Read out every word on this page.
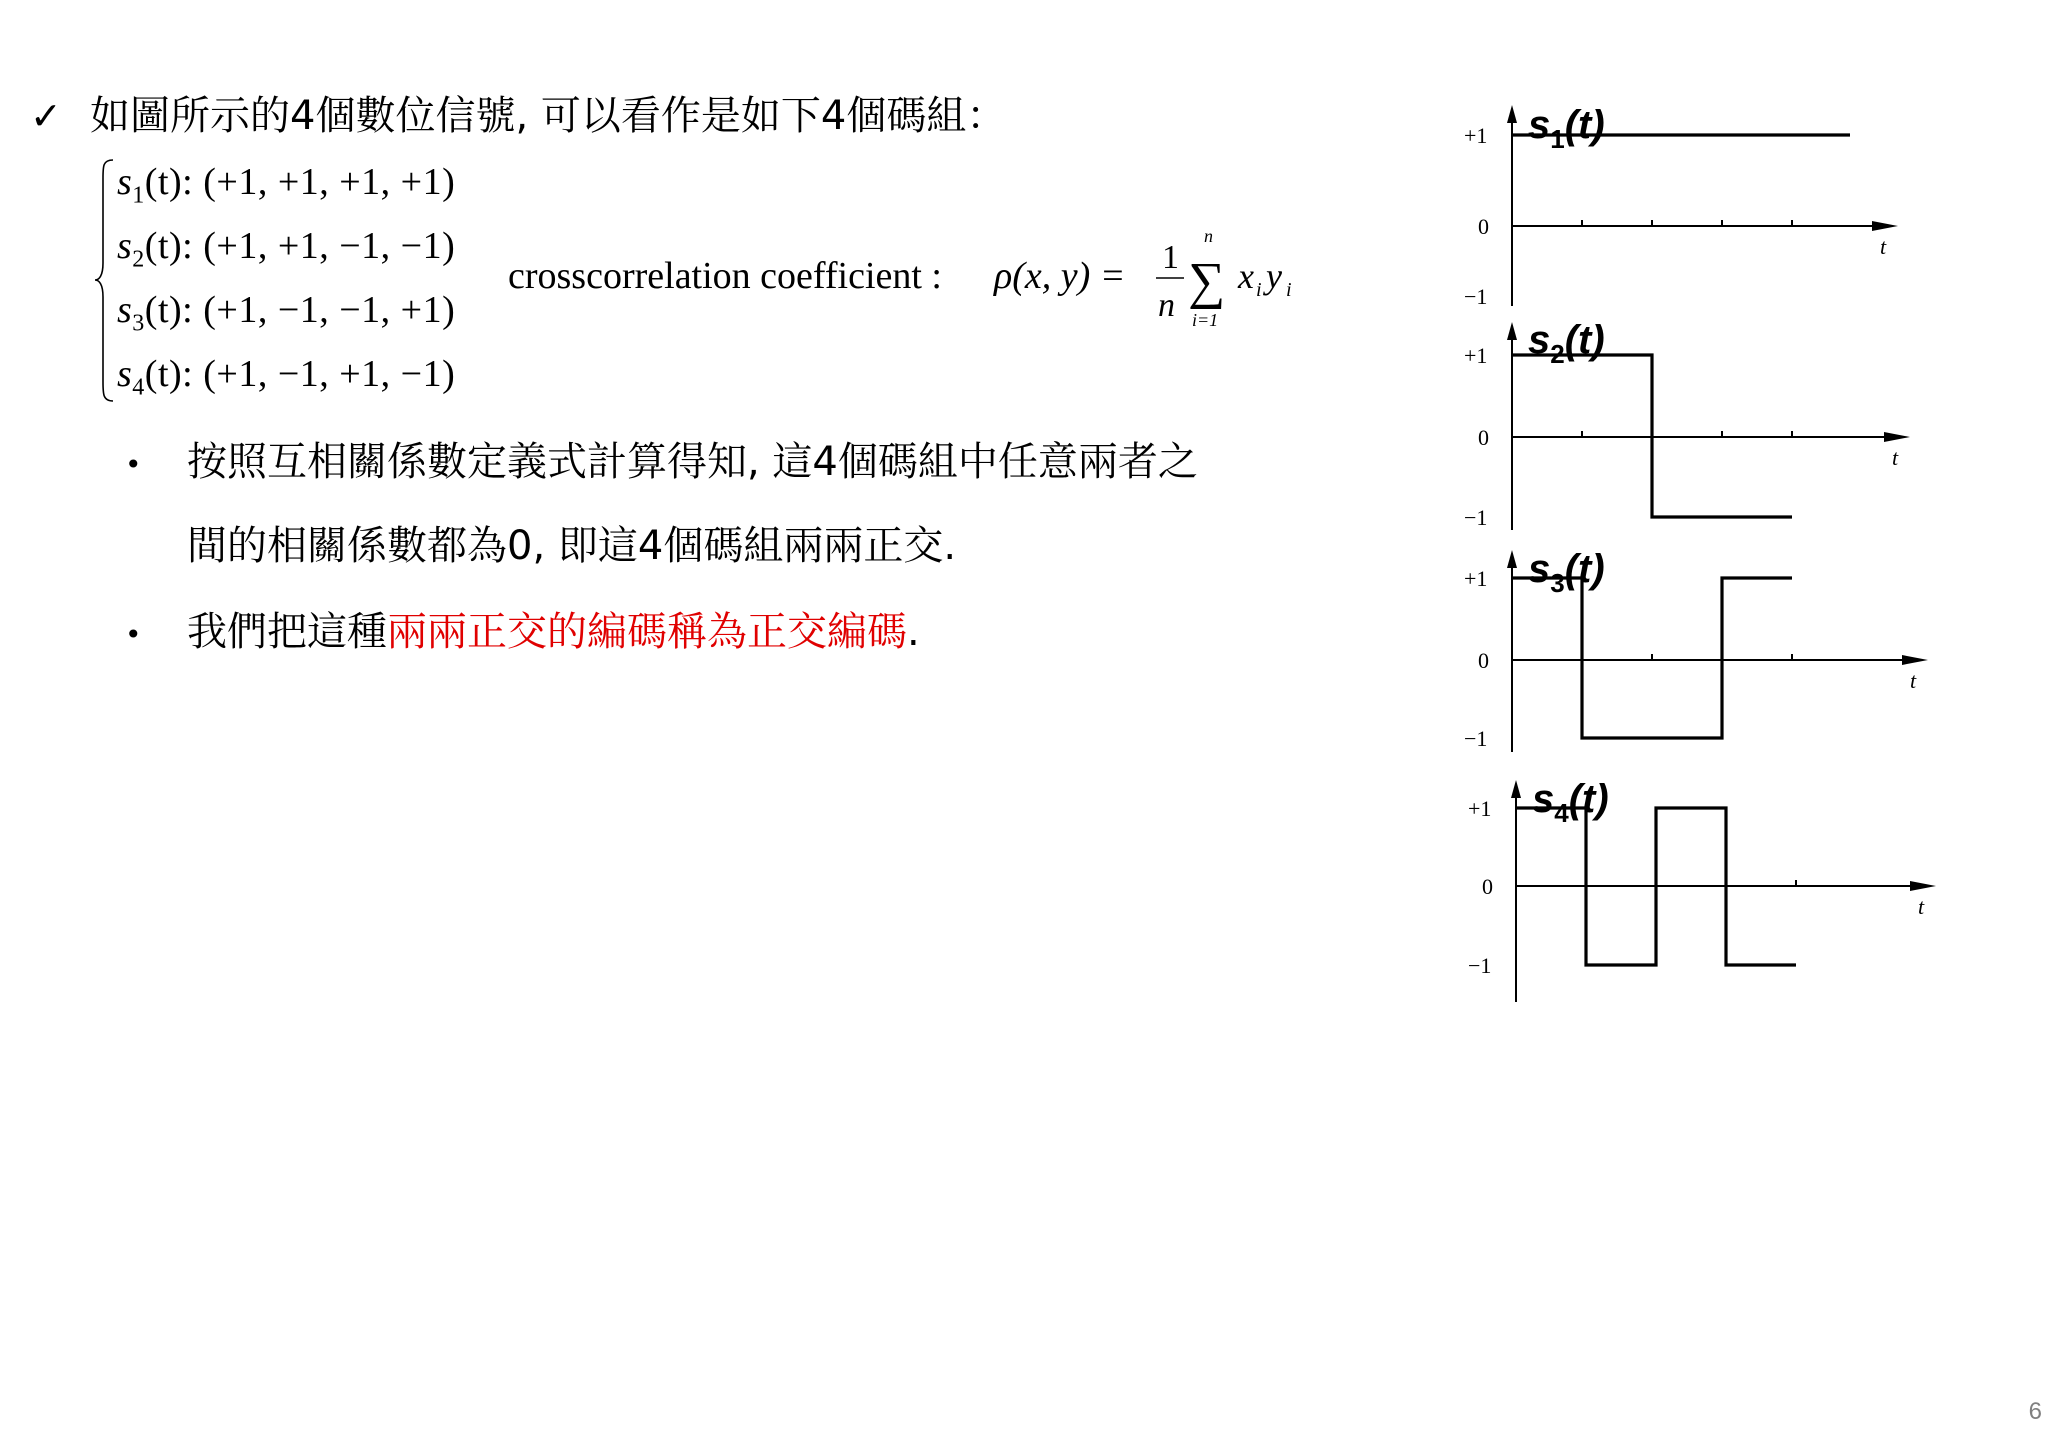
✓ 如圖所示的4個數位信號, 可以看作是如下4個碼組：
$s_1(t)$: (+1, +1, +1, +1)
$s_2(t)$: (+1, +1, −1, −1)
$s_3(t)$: (+1, −1, −1, +1)
$s_4(t)$: (+1, −1, +1, −1)
crosscorrelation coefficient : ρ(x, y) = 1
n
n
∑
i=1
x i y i
• 按照互相關係數定義式計算得知, 這4個碼組中任意兩者之
間的相關係數都為0, 即這4個碼組兩兩正交.
• 我們把這種兩兩正交的編碼稱為正交編碼.
+1
0
−1
t
$s_1(t)$
+1
0
−1
t
$s_2(t)$
+1
0
−1
t
$s_3(t)$
+1
0
−1
t
$s_4(t)$
6
